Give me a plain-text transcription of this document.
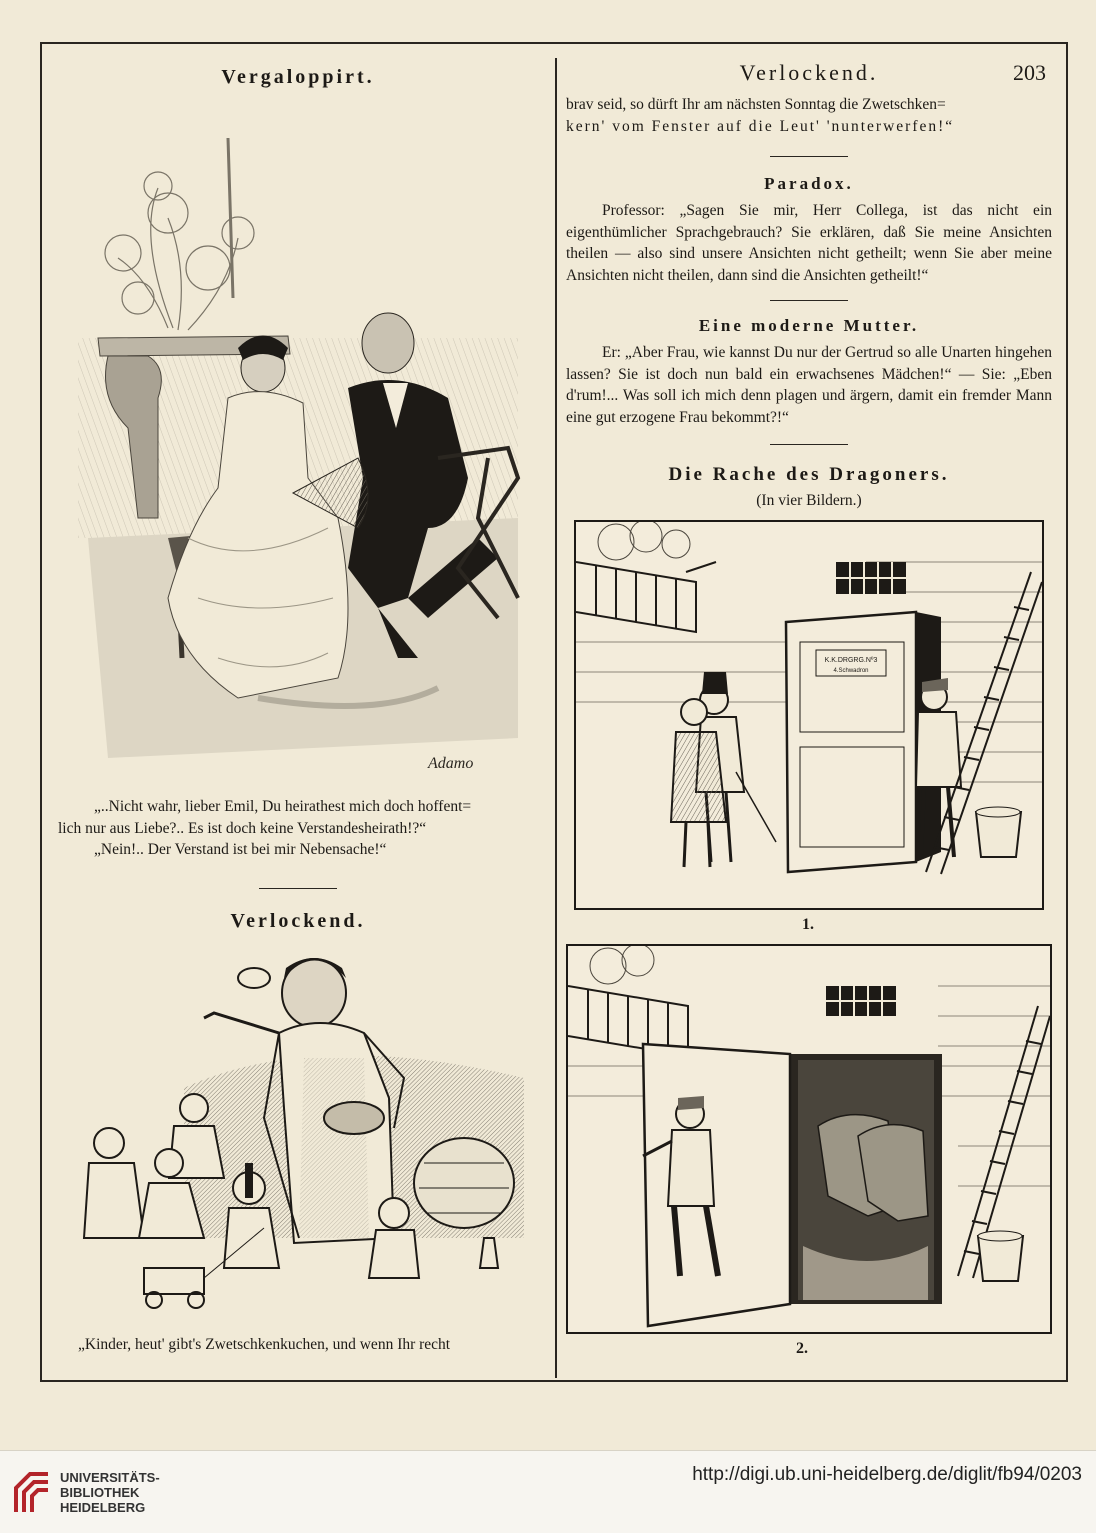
Verlockend.	203
Vergaloppirt.
Adamo

„..Nicht wahr, lieber Emil, Du heirathest mich doch hoffent=

lich nur aus Liebe?.. Es ist doch keine Verstandesheirath!?“

„Nein!.. Der Verstand ist bei mir Nebensache!“

Verlockend.

„Kinder, heut' gibt's Zwetschkenkuchen, und wenn Ihr recht

brav seid, so dürft Ihr am nächsten Sonntag die Zwetschken=

kern' vom Fenster auf die Leut' 'nunterwerfen!“

Paradox.

Professor: „Sagen Sie mir, Herr Collega, ist das nicht ein eigenthümlicher Sprachgebrauch? Sie erklären, daß Sie meine Ansichten theilen — also sind unsere Ansichten nicht getheilt; wenn Sie aber meine Ansichten nicht theilen, dann sind die Ansichten getheilt!“

Eine moderne Mutter.

Er: „Aber Frau, wie kannst Du nur der Gertrud so alle Unarten hingehen lassen? Sie ist doch nun bald ein erwachsenes Mädchen!“ — Sie: „Eben d'rum!... Was soll ich mich denn plagen und ärgern, damit ein fremder Mann eine gut erzogene Frau bekommt?!“

Die Rache des Dragoners.

(In vier Bildern.)

K.K.DRGRG.Nº3
4.Schwadron
1.
2.
UNIVERSITÄTS-
BIBLIOTHEK
HEIDELBERG
http://digi.ub.uni-heidelberg.de/diglit/fb94/0203
